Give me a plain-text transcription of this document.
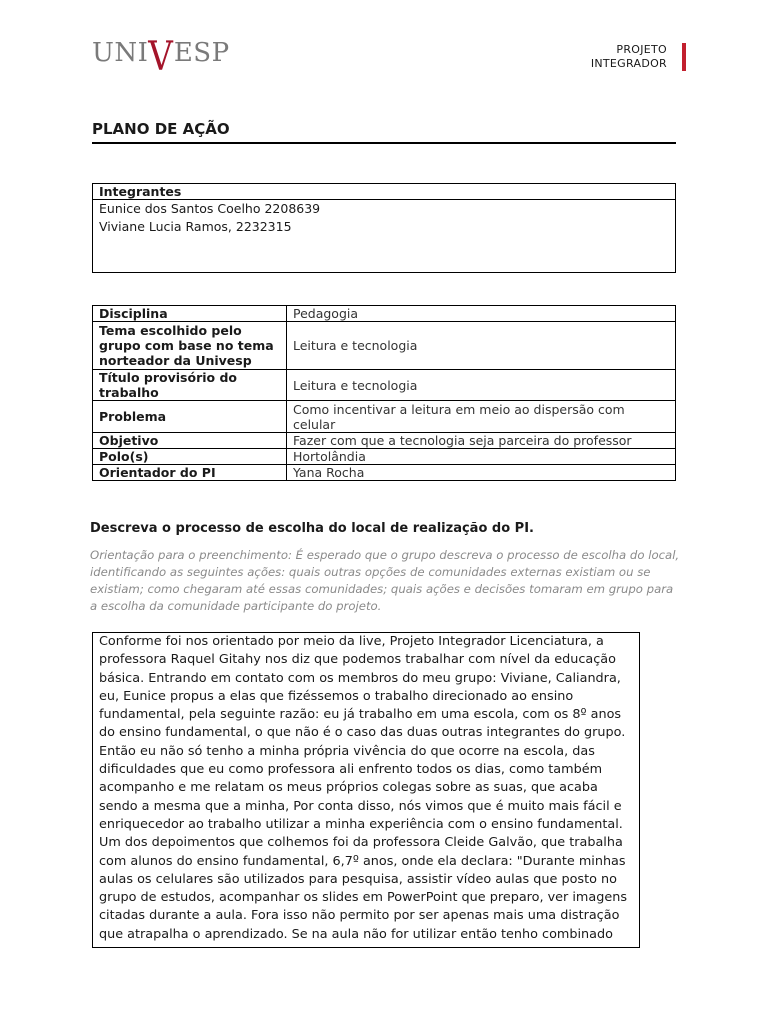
UNI V ESP	PROJETO
INTEGRADOR
PLANO DE AÇÃO
Integrantes

Eunice dos Santos Coelho 2208639
Viviane Lucia Ramos, 2232315
Disciplina	Pedagogia
Tema escolhido pelo grupo com base no tema norteador da Univesp	Leitura e tecnologia
Título provisório do trabalho	Leitura e tecnologia
Problema	Como incentivar a leitura em meio ao dispersão com celular
Objetivo	Fazer com que a tecnologia seja parceira do professor
Polo(s)	Hortolândia
Orientador do PI	Yana Rocha
Descreva o processo de escolha do local de realização do PI.
Orientação para o preenchimento: É esperado que o grupo descreva o processo de escolha do local, identificando as seguintes ações: quais outras opções de comunidades externas existiam ou se existiam; como chegaram até essas comunidades; quais ações e decisões tomaram em grupo para a escolha da comunidade participante do projeto.
Conforme foi nos orientado por meio da live, Projeto Integrador Licenciatura, a professora Raquel Gitahy nos diz que podemos trabalhar com nível da educação básica. Entrando em contato com os membros do meu grupo: Viviane, Caliandra, eu, Eunice propus a elas que fizéssemos o trabalho direcionado ao ensino fundamental, pela seguinte razão: eu já trabalho em uma escola, com os 8º anos do ensino fundamental, o que não é o caso das duas outras integrantes do grupo. Então eu não só tenho a minha própria vivência do que ocorre na escola, das dificuldades que eu como professora ali enfrento todos os dias, como também acompanho e me relatam os meus próprios colegas sobre as suas, que acaba sendo a mesma que a minha, Por conta disso, nós vimos que é muito mais fácil e enriquecedor ao trabalho utilizar a minha experiência com o ensino fundamental. Um dos depoimentos que colhemos foi da professora Cleide Galvão, que trabalha com alunos do ensino fundamental, 6,7º anos, onde ela declara: "Durante minhas aulas os celulares são utilizados para pesquisa, assistir vídeo aulas que posto no grupo de estudos, acompanhar os slides em PowerPoint que preparo, ver imagens citadas durante a aula. Fora isso não permito por ser apenas mais uma distração que atrapalha o aprendizado. Se na aula não for utilizar então tenho combinado
